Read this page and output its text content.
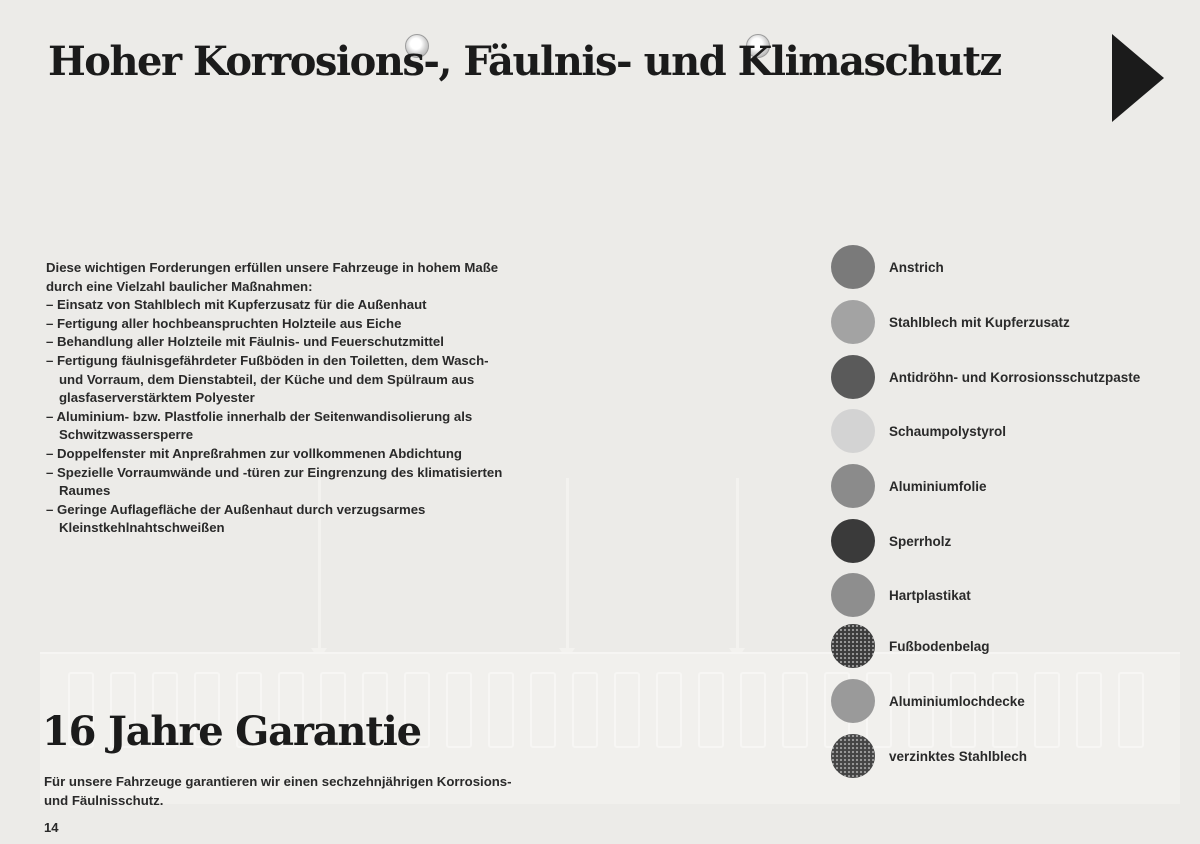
Hoher Korrosions-, Fäulnis- und Klimaschutz

Diese wichtigen Forderungen erfüllen unsere Fahrzeuge in hohem Maße durch eine Vielzahl baulicher Maßnahmen:

– Einsatz von Stahlblech mit Kupferzusatz für die Außenhaut
– Fertigung aller hochbeanspruchten Holzteile aus Eiche
– Behandlung aller Holzteile mit Fäulnis- und Feuerschutzmittel
– Fertigung fäulnisgefährdeter Fußböden in den Toiletten, dem Wasch- und Vorraum, dem Dienstabteil, der Küche und dem Spülraum aus glasfaserverstärktem Polyester
– Aluminium- bzw. Plastfolie innerhalb der Seitenwandisolierung als Schwitzwassersperre
– Doppelfenster mit Anpreßrahmen zur vollkommenen Abdichtung
– Spezielle Vorraumwände und -türen zur Eingrenzung des klimatisierten Raumes
– Geringe Auflagefläche der Außenhaut durch verzugsarmes Kleinstkehlnahtschweißen
Anstrich
Stahlblech mit Kupferzusatz
Antidröhn- und Korrosionsschutzpaste
Schaumpolystyrol
Aluminiumfolie
Sperrholz
Hartplastikat
Fußbodenbelag
Aluminiumlochdecke
verzinktes Stahlblech
16 Jahre Garantie

Für unsere Fahrzeuge garantieren wir einen sechzehnjährigen Korrosions- und Fäulnisschutz.

14
